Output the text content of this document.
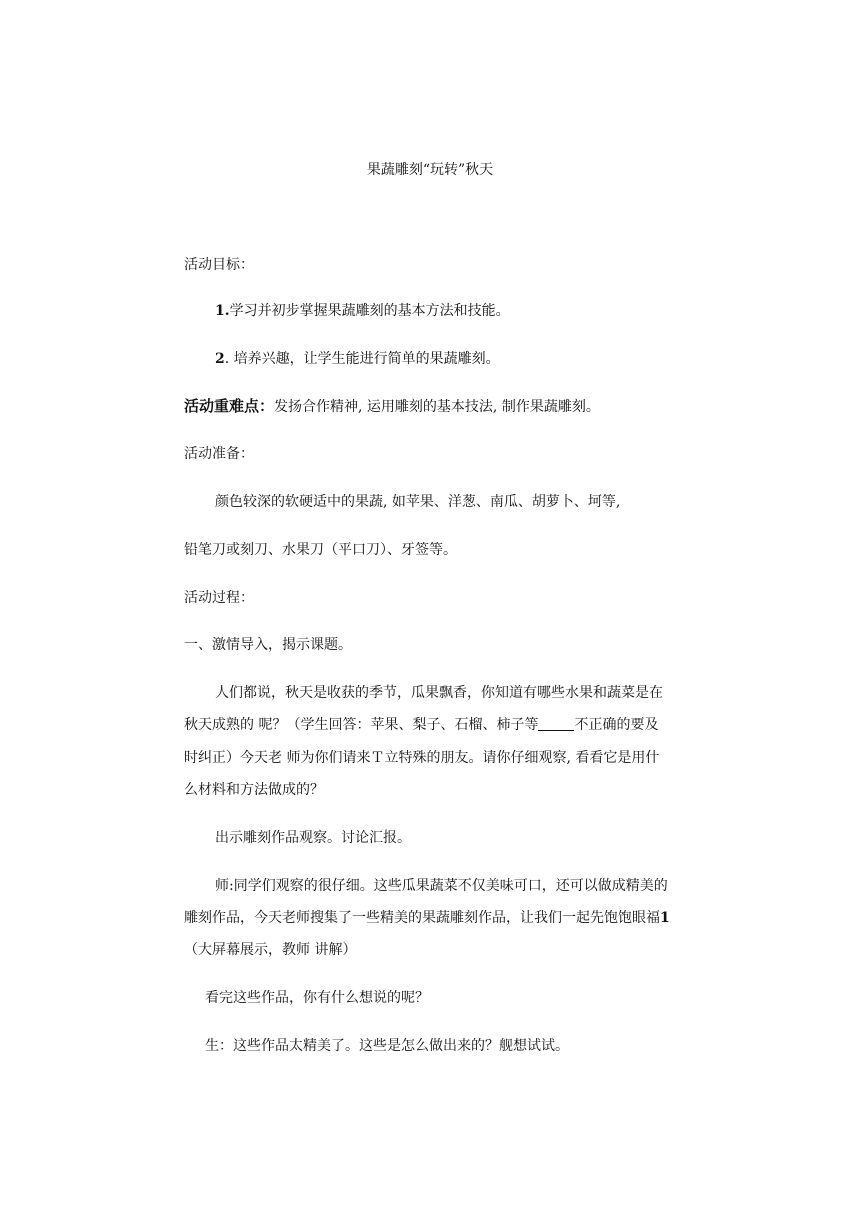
果蔬雕刻“玩转”秋天
活动目标：
1.学习并初步掌握果蔬雕刻的基本方法和技能。
2. 培养兴趣，让学生能进行简单的果蔬雕刻。
活动重难点：发扬合作精神, 运用雕刻的基本技法, 制作果蔬雕刻。
活动准备：
颜色较深的软硬适中的果蔬, 如苹果、洋葱、南瓜、胡萝卜、坷等,
铅笔刀或刻刀、水果刀（平口刀）、牙签等。
活动过程：
一、激情导入，揭示课题。
人们都说，秋天是收获的季节，瓜果飘香，你知道有哪些水果和蔬菜是在
秋天成熟的 呢？（学生回答：苹果、梨子、石榴、柿子等	不正确的要及
时纠正）今天老 师为你们请来Ｔ立特殊的朋友。请你仔细观察, 看看它是用什
么材料和方法做成的？
出示雕刻作品观察。讨论汇报。
师:同学们观察的很仔细。这些瓜果蔬菜不仅美味可口，还可以做成精美的
雕刻作品，今天老师搜集了一些精美的果蔬雕刻作品，让我们一起先饱饱眼福1
（大屏幕展示，教师 讲解）
看完这些作品，你有什么想说的呢？
生：这些作品太精美了。这些是怎么做出来的？舰想试试。
